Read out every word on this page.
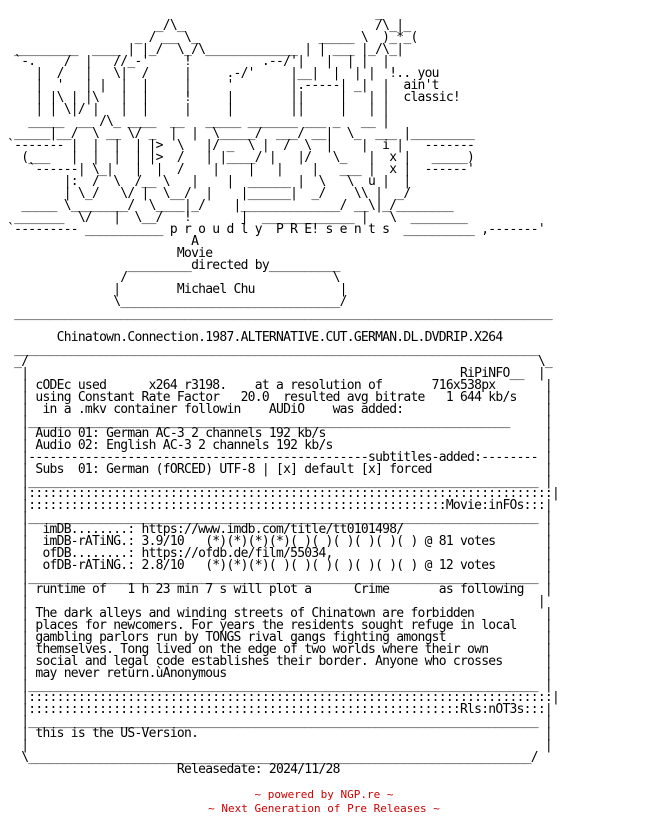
_
_/\_                           /\_|_
_ / __ \_                 _____ \  )_*_(
_________  ____ | |_/  \_/\_____________ | | ___ |_/\_|
`-.    /  |   //_-'     !          .--/'|   |  | |  |
|  /   |   \|  /     |     .-/'     |__|  |  | |  !.. you
|  '   | |  |  |     |     '        |.-----| _|  |  ain't
| |\ | |\   |  |     !     |        ||     |   | |  classic!
| | \|/ |   |  |     |     |        ||     |   | |
_____  __ /\_ ____  __   _____ _______ ___ _   __ |
_____|__/  \ __ \/ _  |  |  \_____/  ___/ __|  \_  ___ |_________
`------- |  |  |  | |>  \   |/ _  \ |  /  \  |    |  i |   -------
(___   |  |  |  | |>  /   | |____/ |   |/   \_   |  x |   _____)
`------| \_|   |  |  /    |    |   |    |   ___ |  x |  ------'
|:  /  \  /__ \   |    |  ______ |  \   \  u |  |
| \_/   \/ |  \__/  |    |______|  _/    \\ |  _/
_____ \________/  \____|_/    |______________/ __\|_/________
_______  \/   |  \__/   !       |  _____________ |   \  ________
`--------- ___________ p r o u d l y  P R E! s e n t s  __________ ,-------'
A
Movie
_________directed by__________
/                             \
|        Michael Chu            |
\_______________________________/
____________________________________________________________________________

Chinatown.Connection.1987.ALTERNATIVE.CUT.GERMAN.DL.DVDRIP.X264
__________________________________________________________________________
_/                                                                        \_
|                                                             RiPiNFO__  |
| cODEc used      x264 r3198.    at a resolution of       716x538px       |
| using Constant Rate Factor   20.0  resulted avg bitrate   1 644 kb/s    |
|  in a .mkv container followin    AUDiO    was added:                    |
|____________________________________________________________________     |
| Audio 01: German AC-3 2 channels 192 kb/s                               |
| Audio 02: English AC-3 2 channels 192 kb/s                              |
|------------------------------------------------subtitles-added:-------- |
| Subs  01: German (fORCED) UTF-8 | [x] default [x] forced                |
|________________________________________________________________________ |
|::::::::::::::::::::::::::::::::::::::::::::::::::::::::::::::::::::::::::|
|:::::::::::::::::::::::::::::::::::::::::::::::::::::::::::Movie:inFOs:::|
|________________________________________________________________________ |
|  imDB........: https://www.imdb.com/title/tt0101498/                    |
|  imDB-rATiNG.: 3.9/10   (*)(*)(*)(*)( )( )( )( )( )( ) @ 81 votes       |
|  ofDB........: https://ofdb.de/film/55034,                              |
|  ofDB-rATiNG.: 2.8/10   (*)(*)(*)( )( )( )( )( )( )( ) @ 12 votes       |
|________________________________________________________________________ |
| runtime of   1 h 23 min 7 s will plot a      Crime       as following   |
|                                                                        |
| The dark alleys and winding streets of Chinatown are forbidden          |
| places for newcomers. For years the residents sought refuge in local    |
| gambling parlors run by TONGS rival gangs fighting amongst              |
| themselves. Tong lived on the edge of two worlds where their own        |
| social and legal code establishes their border. Anyone who crosses      |
| may never return.ùAnonymous                                             |
|________________________________________________________________________ |
|::::::::::::::::::::::::::::::::::::::::::::::::::::::::::::::::::::::::::|
|:::::::::::::::::::::::::::::::::::::::::::::::::::::::::::::Rls:nOT3s:::|
|________________________________________________________________________ |
| this is the US-Version.                                                 |
|                                                                         |
\_______________________________________________________________________/
Releasedate: 2024/11/28

~ powered by NGP.re ~
~ Next Generation of Pre Releases ~
